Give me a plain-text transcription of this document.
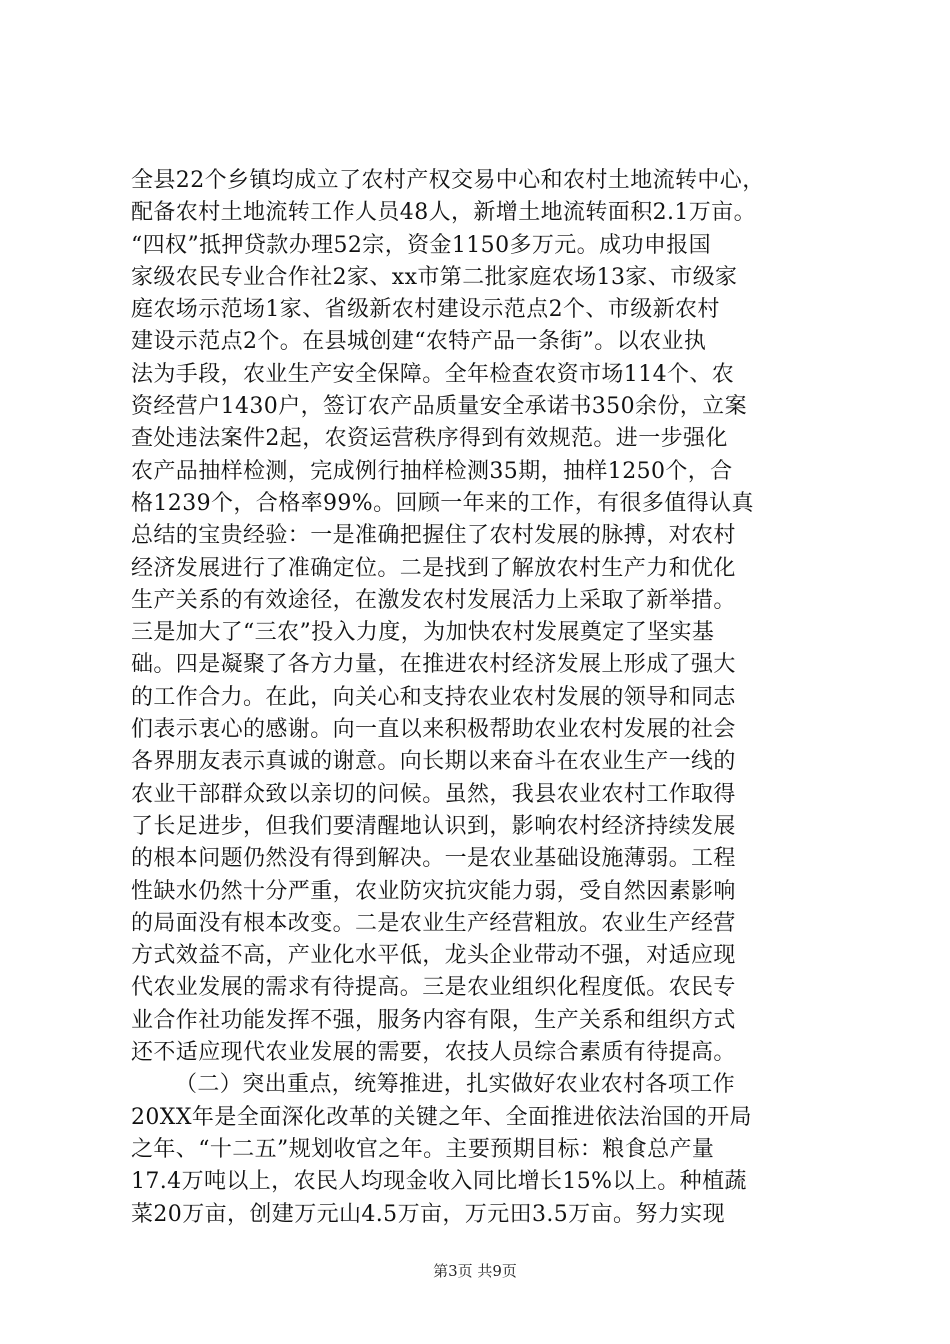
全县22个乡镇均成立了农村产权交易中心和农村土地流转中心，
配备农村土地流转工作人员48人，新增土地流转面积2.1万亩。
“四权”抵押贷款办理52宗，资金1150多万元。成功申报国
家级农民专业合作社2家、xx市第二批家庭农场13家、市级家
庭农场示范场1家、省级新农村建设示范点2个、市级新农村
建设示范点2个。在县城创建“农特产品一条街”。以农业执
法为手段，农业生产安全保障。全年检查农资市场114个、农
资经营户1430户，签订农产品质量安全承诺书350余份，立案
查处违法案件2起，农资运营秩序得到有效规范。进一步强化
农产品抽样检测，完成例行抽样检测35期，抽样1250个，合
格1239个，合格率99%。回顾一年来的工作，有很多值得认真
总结的宝贵经验：一是准确把握住了农村发展的脉搏，对农村
经济发展进行了准确定位。二是找到了解放农村生产力和优化
生产关系的有效途径，在激发农村发展活力上采取了新举措。
三是加大了“三农”投入力度，为加快农村发展奠定了坚实基
础。四是凝聚了各方力量，在推进农村经济发展上形成了强大
的工作合力。在此，向关心和支持农业农村发展的领导和同志
们表示衷心的感谢。向一直以来积极帮助农业农村发展的社会
各界朋友表示真诚的谢意。向长期以来奋斗在农业生产一线的
农业干部群众致以亲切的问候。虽然，我县农业农村工作取得
了长足进步，但我们要清醒地认识到，影响农村经济持续发展
的根本问题仍然没有得到解决。一是农业基础设施薄弱。工程
性缺水仍然十分严重，农业防灾抗灾能力弱，受自然因素影响
的局面没有根本改变。二是农业生产经营粗放。农业生产经营
方式效益不高，产业化水平低，龙头企业带动不强，对适应现
代农业发展的需求有待提高。三是农业组织化程度低。农民专
业合作社功能发挥不强，服务内容有限，生产关系和组织方式
还不适应现代农业发展的需要，农技人员综合素质有待提高。
（二）突出重点，统筹推进，扎实做好农业农村各项工作
20XX年是全面深化改革的关键之年、全面推进依法治国的开局
之年、“十二五”规划收官之年。主要预期目标：粮食总产量
17.4万吨以上，农民人均现金收入同比增长15%以上。种植蔬
菜20万亩，创建万元山4.5万亩，万元田3.5万亩。努力实现
第3页 共9页
